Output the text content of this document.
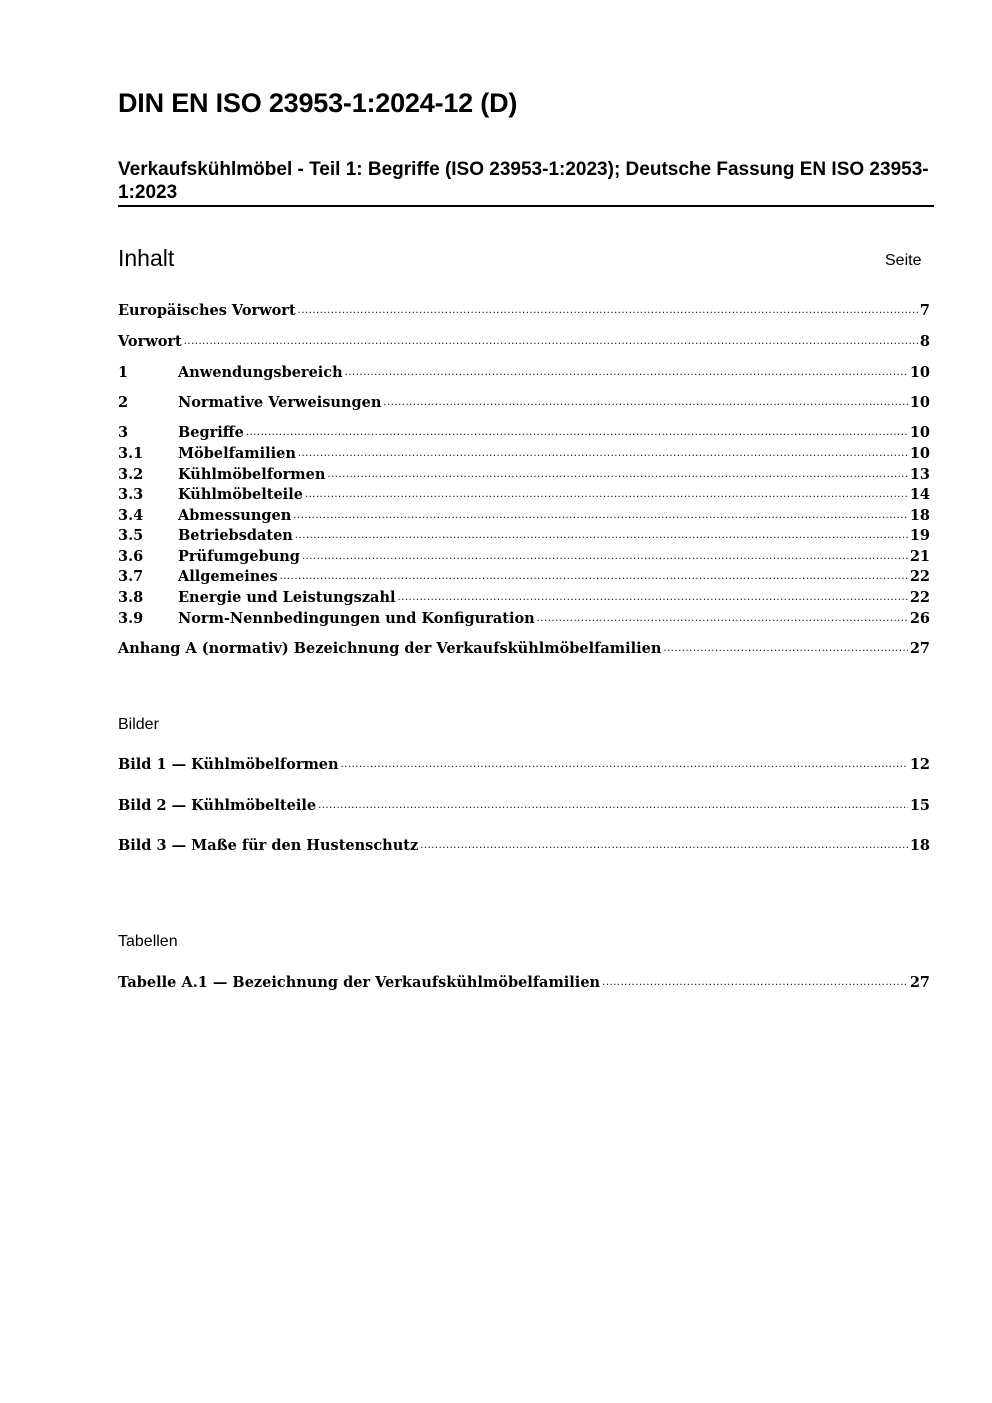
DIN EN ISO 23953-1:2024-12 (D)
Verkaufskühlmöbel - Teil 1: Begriffe (ISO 23953-1:2023); Deutsche Fassung EN ISO 23953-1:2023
Inhalt	Seite
Europäisches Vorwort .....	7
Vorwort .....	8
1	Anwendungsbereich .....	10
2	Normative Verweisungen .....	10
3	Begriffe .....	10
3.1	Möbelfamilien .....	10
3.2	Kühlmöbelformen .....	13
3.3	Kühlmöbelteile .....	14
3.4	Abmessungen .....	18
3.5	Betriebsdaten .....	19
3.6	Prüfumgebung .....	21
3.7	Allgemeines .....	22
3.8	Energie und Leistungszahl .....	22
3.9	Norm-Nennbedingungen und Konfiguration .....	26
Anhang A (normativ) Bezeichnung der Verkaufskühlmöbelfamilien .....	27
Bilder
Bild 1 — Kühlmöbelformen .....	12
Bild 2 — Kühlmöbelteile .....	15
Bild 3 — Maße für den Hustenschutz .....	18
Tabellen
Tabelle A.1 — Bezeichnung der Verkaufskühlmöbelfamilien .....	27
